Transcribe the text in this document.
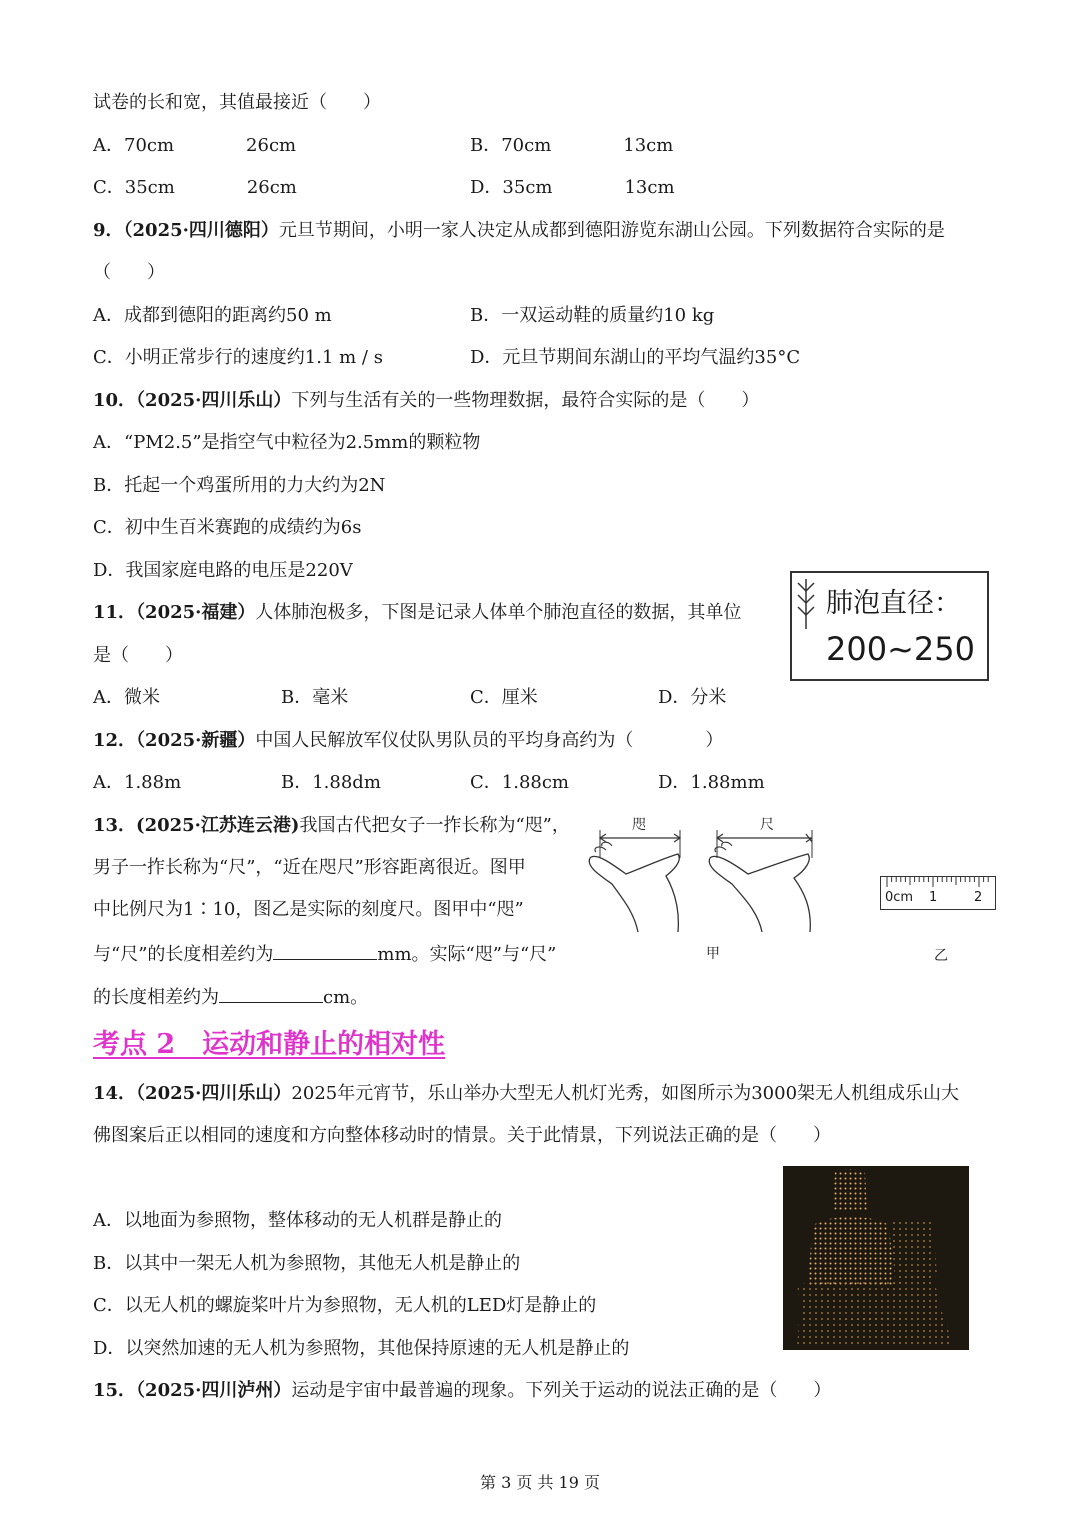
试卷的长和宽，其值最接近（　　）
A．70cm　　　　26cm	B．70cm　　　　13cm
C．35cm　　　　26cm	D．35cm　　　　13cm
9．（2025·四川德阳）元旦节期间，小明一家人决定从成都到德阳游览东湖山公园。下列数据符合实际的是
（　　）
A．成都到德阳的距离约50 m	B．一双运动鞋的质量约10 kg
C．小明正常步行的速度约1.1 m / s	D．元旦节期间东湖山的平均气温约35°C
10．（2025·四川乐山）下列与生活有关的一些物理数据，最符合实际的是（　　）
A．“PM2.5”是指空气中粒径为2.5mm的颗粒物
B．托起一个鸡蛋所用的力大约为2N
C．初中生百米赛跑的成绩约为6s
D．我国家庭电路的电压是220V
11．（2025·福建）人体肺泡极多，下图是记录人体单个肺泡直径的数据，其单位
是（　　）
A．微米	B．毫米	C．厘米	D．分米
肺泡直径：
200~250
12．（2025·新疆）中国人民解放军仪仗队男队员的平均身高约为（　　　　）
A．1.88m	B．1.88dm	C．1.88cm	D．1.88mm
13．(2025·江苏连云港)我国古代把女子一拃长称为“咫”，
男子一拃长称为“尺”，“近在咫尺”形容距离很近。图甲
中比例尺为1∶10，图乙是实际的刻度尺。图甲中“咫”
与“尺”的长度相差约为	mm。实际“咫”与“尺”
的长度相差约为	cm。
咫	尺
甲	乙
0cm 1	2
考点 2　运动和静止的相对性
14．（2025·四川乐山）2025年元宵节，乐山举办大型无人机灯光秀，如图所示为3000架无人机组成乐山大
佛图案后正以相同的速度和方向整体移动时的情景。关于此情景，下列说法正确的是（　　）
A．以地面为参照物，整体移动的无人机群是静止的
B．以其中一架无人机为参照物，其他无人机是静止的
C．以无人机的螺旋桨叶片为参照物，无人机的LED灯是静止的
D．以突然加速的无人机为参照物，其他保持原速的无人机是静止的
15．（2025·四川泸州）运动是宇宙中最普遍的现象。下列关于运动的说法正确的是（　　）
第 3 页 共 19 页
